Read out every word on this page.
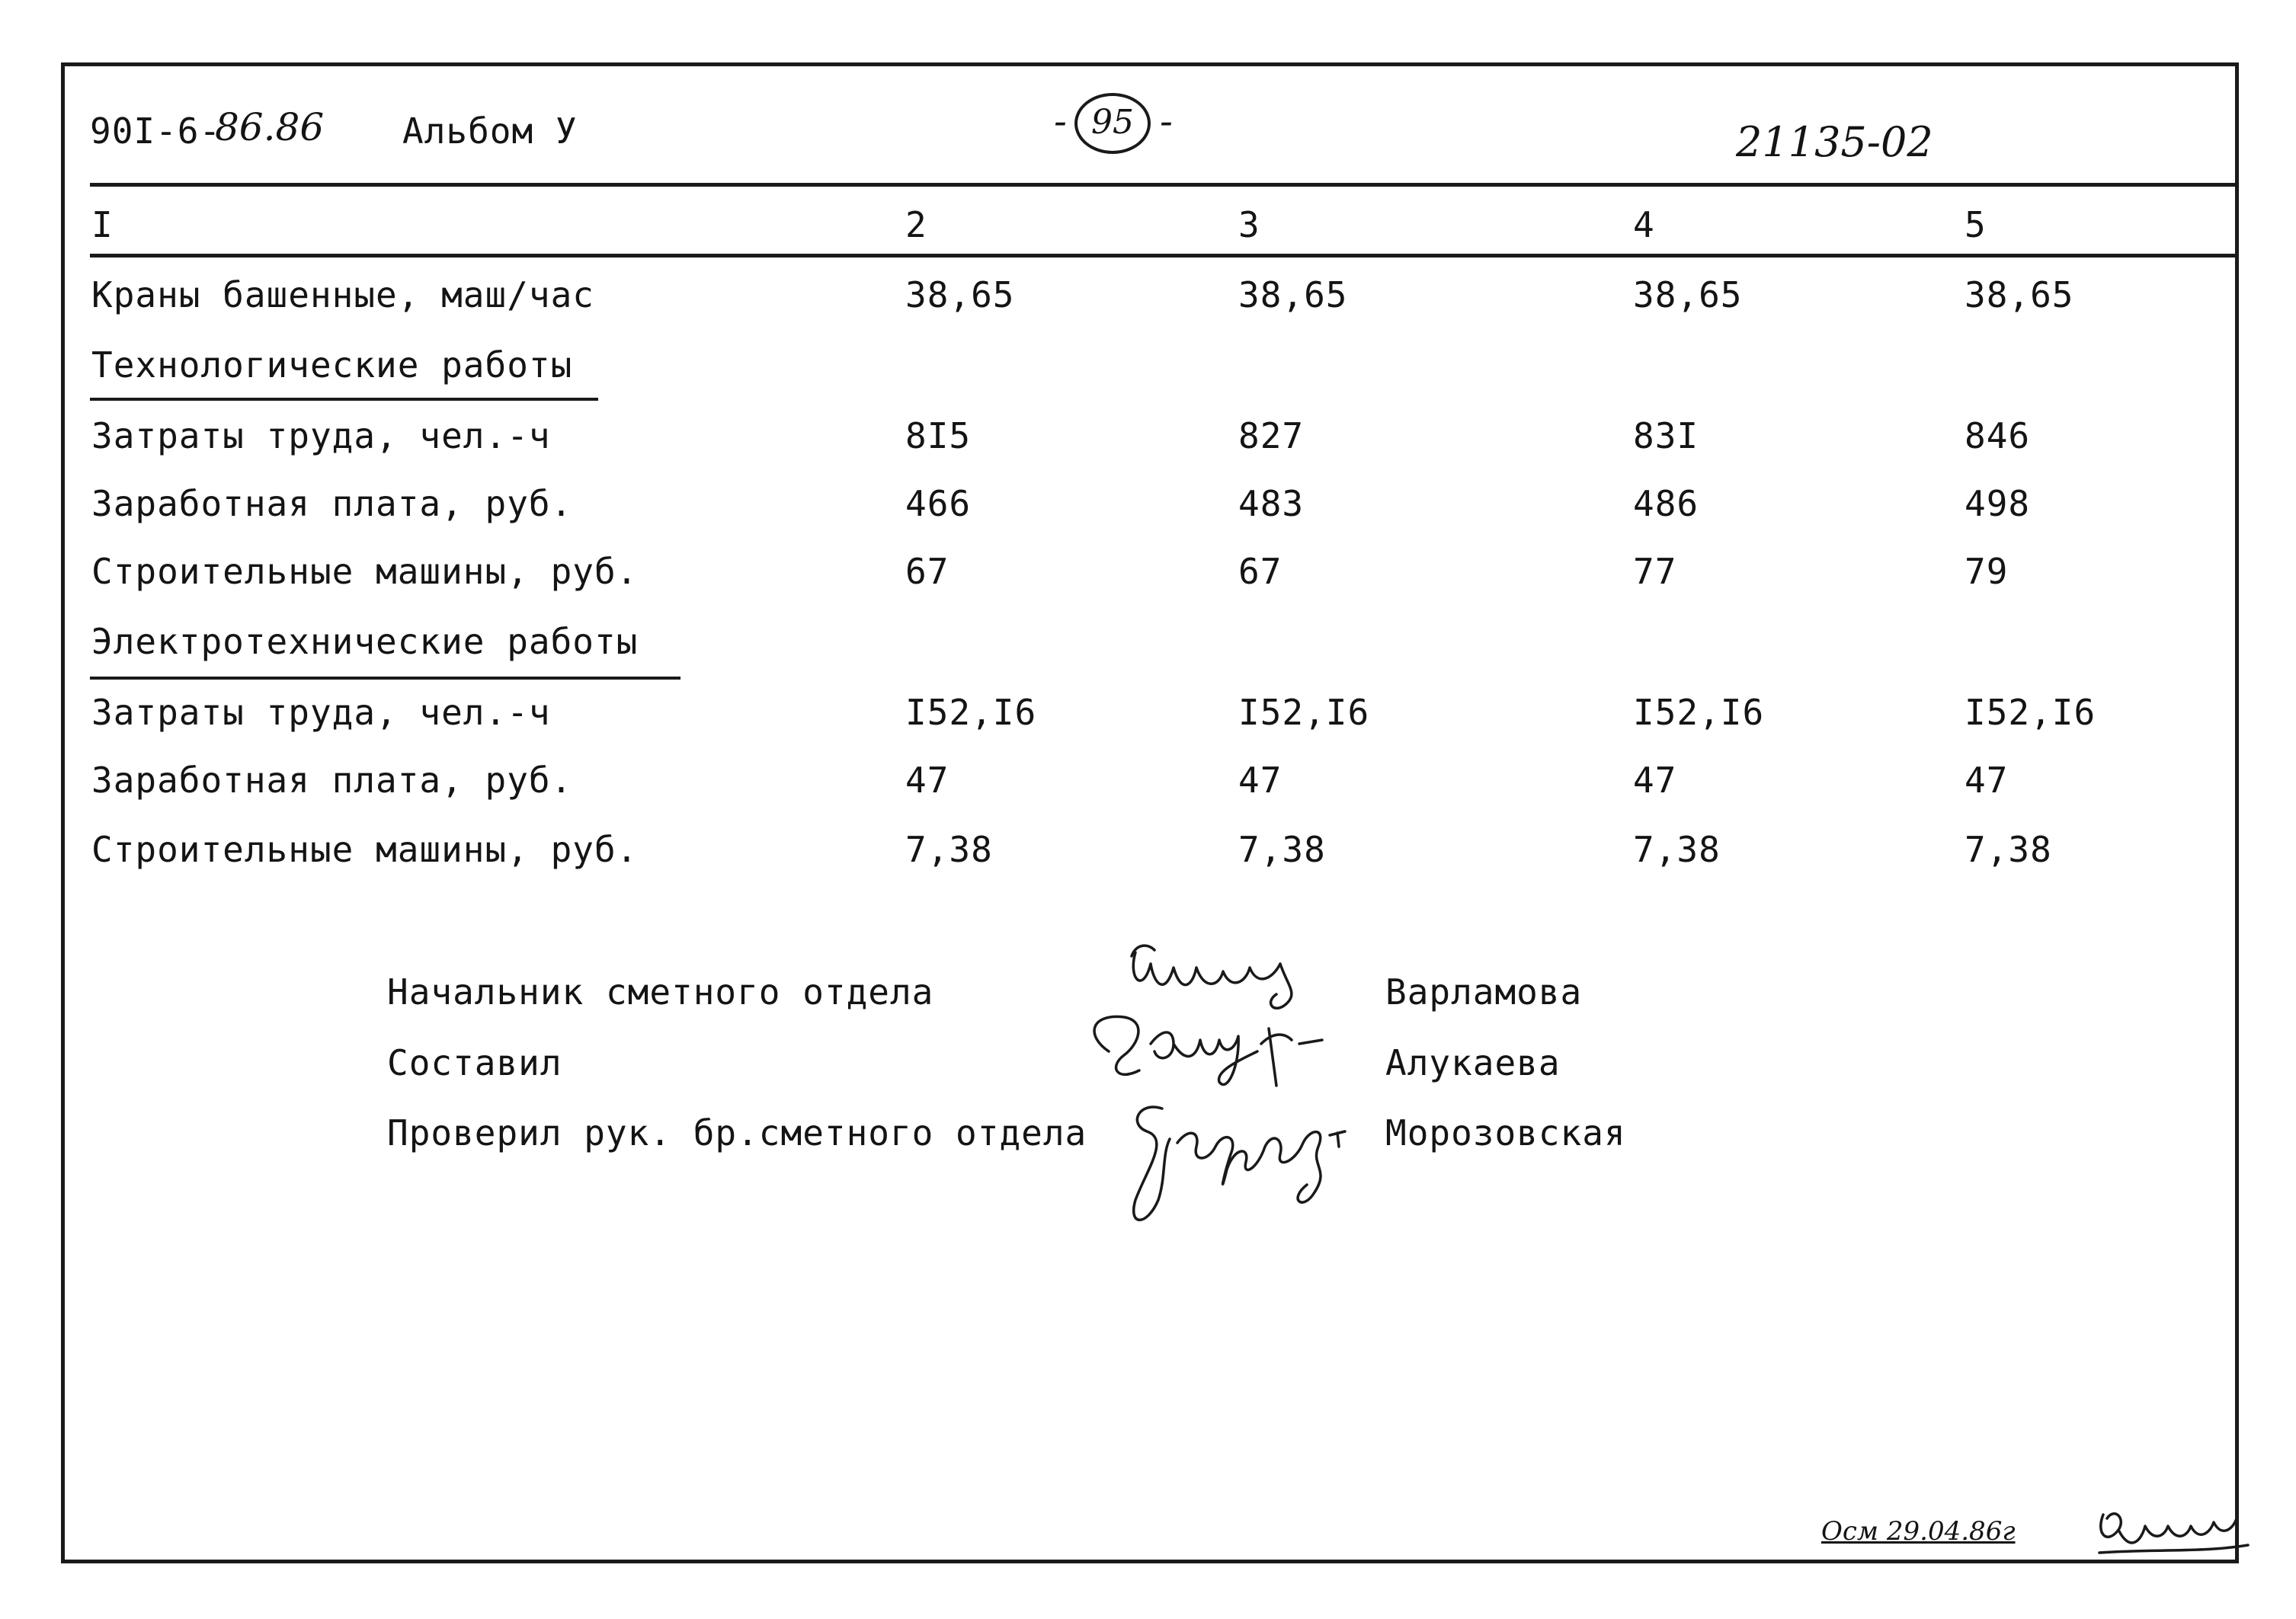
90I-6-
86.86 Альбом У	- 95 -	21135-02
I	2	3	4	5
Краны башенные, маш/час	38,65	38,65	38,65	38,65
Технологические работы
Затраты труда, чел.-ч	8I5	827	83I	846
Заработная плата, руб.	466	483	486	498
Строительные машины, руб.	67	67	77	79
Электротехнические работы
Затраты труда, чел.-ч	I52,I6	I52,I6	I52,I6	I52,I6
Заработная плата, руб.	47	47	47	47
Строительные машины, руб.	7,38	7,38	7,38	7,38
Начальник сметного отдела	Варламова
Составил	Алукаева
Проверил рук. бр.сметного отдела	Морозовская
Осм 29.04.86г
